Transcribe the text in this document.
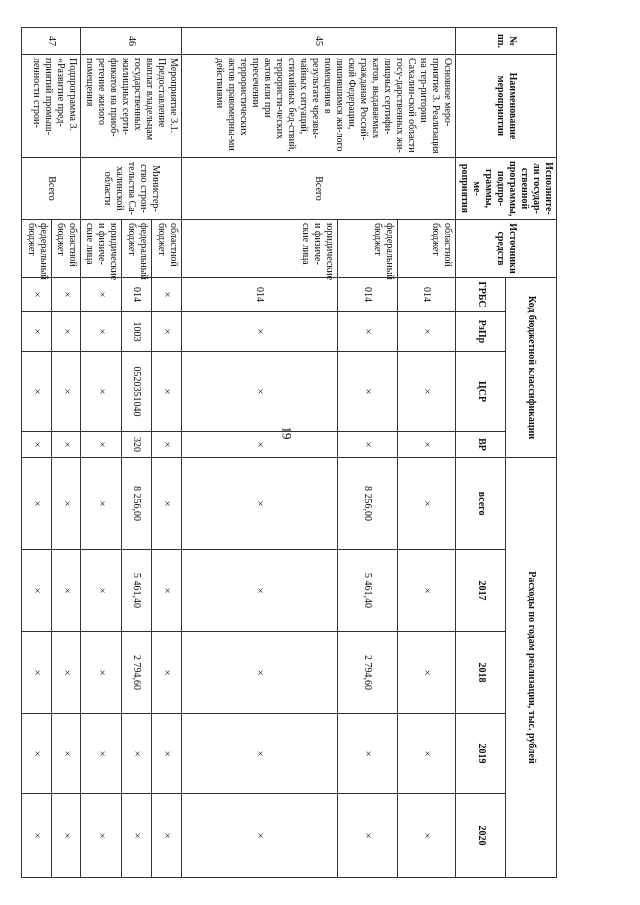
19
№ пп.	Наименование мероприятия	Исполните-ли государ-ственной программы, подпро-граммы, ме-роприятия	Источники средств	Код бюджетной классификации				Расходы по годам реализации, тыс. рублей				
				ГРБС	РзПр	ЦСР	ВР	всего	2017	2018	2019	2020
45	Основное меро-приятие 3. Реализация на тер-ритории Сахалин-ской области госу-дарственных жи-лищных сертифи-катов, выдаваемых гражданам Россий-ской Федерации, лишившимся жи-лого помещения в результате чрезвы-чайных ситуаций, стихийных бед-ствий, террористи-ческих актов или при пресечении террористических актов правомерны-ми действиями	Всего	областной бюджет	014	×	×	×	×	×	×	×	×
			федеральный бюджет	014	×	×	×	8 256,00	5 461,40	2 794,60	×	×
			юридические и физиче-ские лица	014	×	×	×	×	×	×	×	×
46	Мероприятие 3.1. Предоставление выплат владельцам государственных жилищных серти-фикатов на приоб-ретение жилого помещения	Министер-ство строи-тельства Са-халинской области	областной бюджет	×	×	×	×	×	×	×	×	×
			федеральный бюджет	014	1003	0520351040	320	8 256,00	5 461,40	2 794,60	×	×
			юридические и физиче-ские лица	×	×	×	×	×	×	×	×	×
47	Подпрограмма 3. «Развитие пред-приятий промыш-ленности строи-	Всего	областной бюджет	×	×	×	×	×	×	×	×	×
			федеральный бюджет	×	×	×	×	×	×	×	×	×
